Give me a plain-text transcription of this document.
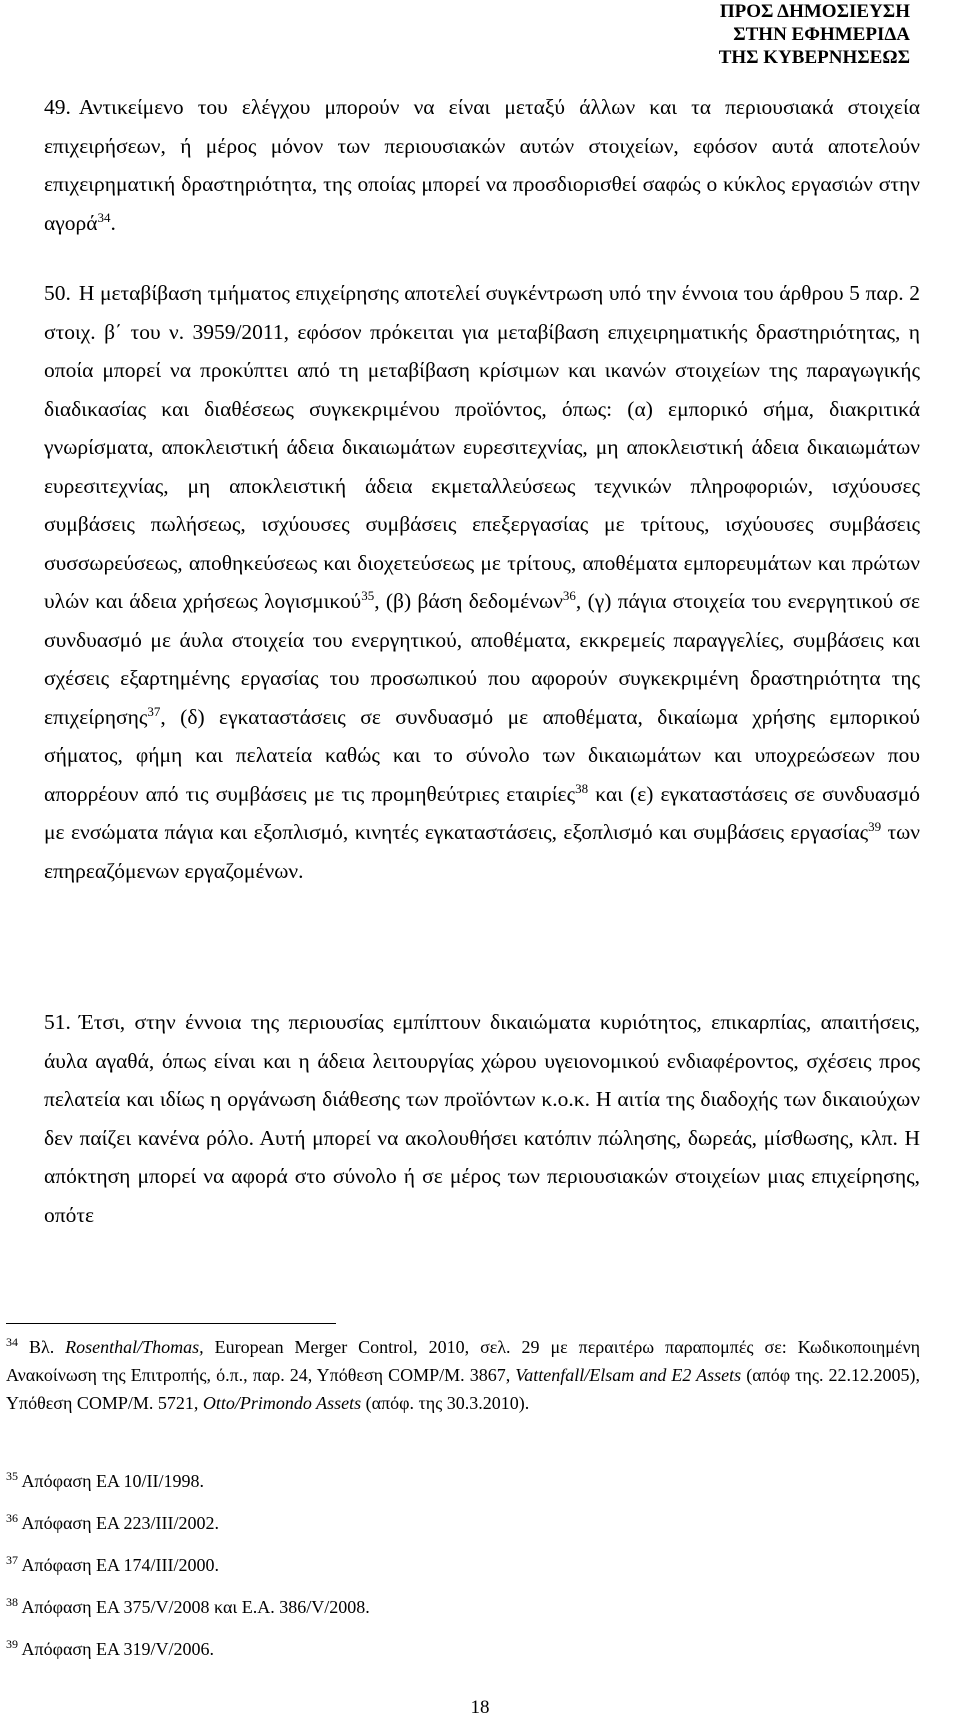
ΠΡΟΣ ΔΗΜΟΣΙΕΥΣΗ
ΣΤΗΝ ΕΦΗΜΕΡΙΔΑ
ΤΗΣ ΚΥΒΕΡΝΗΣΕΩΣ

49. Αντικείμενο του ελέγχου μπορούν να είναι μεταξύ άλλων και τα περιουσιακά στοιχεία επιχειρήσεων, ή μέρος μόνον των περιουσιακών αυτών στοιχείων, εφόσον αυτά αποτελούν επιχειρηματική δραστηριότητα, της οποίας μπορεί να προσδιορισθεί σαφώς ο κύκλος εργασιών στην αγορά$^{34}$.

50. Η μεταβίβαση τμήματος επιχείρησης αποτελεί συγκέντρωση υπό την έννοια του άρθρου 5 παρ. 2 στοιχ. β΄ του ν. 3959/2011, εφόσον πρόκειται για μεταβίβαση επιχειρηματικής δραστηριότητας, η οποία μπορεί να προκύπτει από τη μεταβίβαση κρίσιμων και ικανών στοιχείων της παραγωγικής διαδικασίας και διαθέσεως συγκεκριμένου προϊόντος, όπως: (α) εμπορικό σήμα, διακριτικά γνωρίσματα, αποκλειστική άδεια δικαιωμάτων ευρεσιτεχνίας, μη αποκλειστική άδεια δικαιωμάτων ευρεσιτεχνίας, μη αποκλειστική άδεια εκμεταλλεύσεως τεχνικών πληροφοριών, ισχύουσες συμβάσεις πωλήσεως, ισχύουσες συμβάσεις επεξεργασίας με τρίτους, ισχύουσες συμβάσεις συσσωρεύσεως, αποθηκεύσεως και διοχετεύσεως με τρίτους, αποθέματα εμπορευμάτων και πρώτων υλών και άδεια χρήσεως λογισμικού$^{35}$, (β) βάση δεδομένων$^{36}$, (γ) πάγια στοιχεία του ενεργητικού σε συνδυασμό με άυλα στοιχεία του ενεργητικού, αποθέματα, εκκρεμείς παραγγελίες, συμβάσεις και σχέσεις εξαρτημένης εργασίας του προσωπικού που αφορούν συγκεκριμένη δραστηριότητα της επιχείρησης$^{37}$, (δ) εγκαταστάσεις σε συνδυασμό με αποθέματα, δικαίωμα χρήσης εμπορικού σήματος, φήμη και πελατεία καθώς και το σύνολο των δικαιωμάτων και υποχρεώσεων που απορρέουν από τις συμβάσεις με τις προμηθεύτριες εταιρίες$^{38}$ και (ε) εγκαταστάσεις σε συνδυασμό με ενσώματα πάγια και εξοπλισμό, κινητές εγκαταστάσεις, εξοπλισμό και συμβάσεις εργασίας$^{39}$ των επηρεαζόμενων εργαζομένων.

51. Έτσι, στην έννοια της περιουσίας εμπίπτουν δικαιώματα κυριότητος, επικαρπίας, απαιτήσεις, άυλα αγαθά, όπως είναι και η άδεια λειτουργίας χώρου υγειονομικού ενδιαφέροντος, σχέσεις προς πελατεία και ιδίως η οργάνωση διάθεσης των προϊόντων κ.ο.κ. Η αιτία της διαδοχής των δικαιούχων δεν παίζει κανένα ρόλο. Αυτή μπορεί να ακολουθήσει κατόπιν πώλησης, δωρεάς, μίσθωσης, κλπ. Η απόκτηση μπορεί να αφορά στο σύνολο ή σε μέρος των περιουσιακών στοιχείων μιας επιχείρησης, οπότε

$^{34}$ Βλ. Rosenthal/Thomas, European Merger Control, 2010, σελ. 29 με περαιτέρω παραπομπές σε: Κωδικοποιημένη Ανακοίνωση της Επιτροπής, ό.π., παρ. 24, Υπόθεση COMP/M. 3867, Vattenfall/Elsam and E2 Assets (απόφ της. 22.12.2005), Υπόθεση COMP/M. 5721, Otto/Primondo Assets (απόφ. της 30.3.2010).
$^{35}$ Απόφαση ΕΑ 10/ΙΙ/1998.
$^{36}$ Απόφαση ΕΑ 223/ΙΙΙ/2002.
$^{37}$ Απόφαση ΕΑ 174/ΙΙΙ/2000.
$^{38}$ Απόφαση ΕΑ 375/V/2008 και Ε.Α. 386/V/2008.
$^{39}$ Απόφαση ΕΑ 319/V/2006.
18
